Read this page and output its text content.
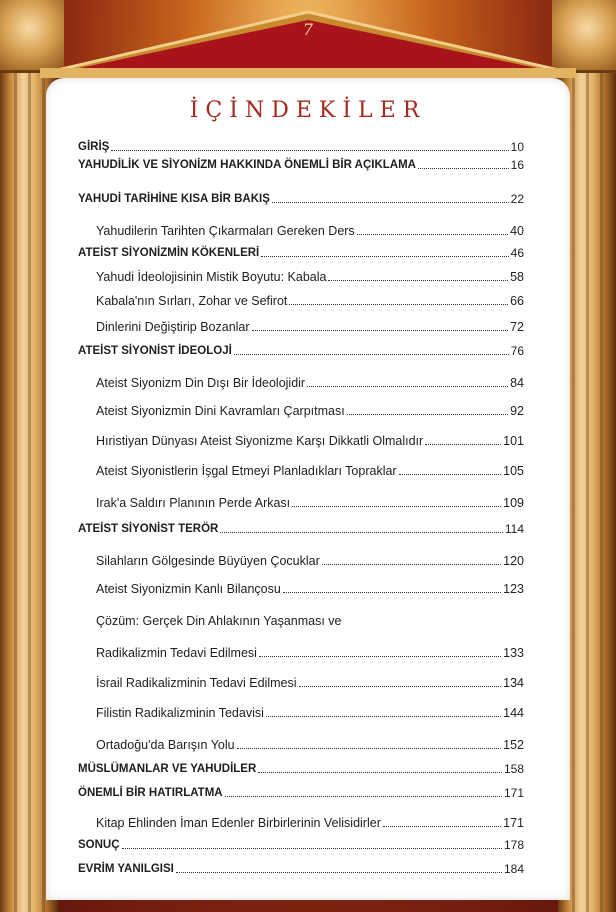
7
İÇİNDEKİLER
GİRİŞ	10
YAHUDİLİK VE SİYONİZM HAKKINDA ÖNEMLİ BİR AÇIKLAMA	16
YAHUDİ TARİHİNE KISA BİR BAKIŞ	22
Yahudilerin Tarihten Çıkarmaları Gereken Ders	40
ATEİST SİYONİZMİN KÖKENLERİ	46
Yahudi İdeolojisinin Mistik Boyutu: Kabala	58
Kabala'nın Sırları, Zohar ve Sefirot	66
Dinlerini Değiştirip Bozanlar	72
ATEİST SİYONİST İDEOLOJİ	76
Ateist Siyonizm Din Dışı Bir İdeolojidir	84
Ateist Siyonizmin Dini Kavramları Çarpıtması	92
Hıristiyan Dünyası Ateist Siyonizme Karşı Dikkatli Olmalıdır	101
Ateist Siyonistlerin İşgal Etmeyi Planladıkları Topraklar	105
Irak'a Saldırı Planının Perde Arkası	109
ATEİST SİYONİST TERÖR	114
Silahların Gölgesinde Büyüyen Çocuklar	120
Ateist Siyonizmin Kanlı Bilançosu	123
Çözüm: Gerçek Din Ahlakının Yaşanması ve
Radikalizmin Tedavi Edilmesi	133
İsrail Radikalizminin Tedavi Edilmesi	134
Filistin Radikalizminin Tedavisi	144
Ortadoğu'da Barışın Yolu	152
MÜSLÜMANLAR VE YAHUDİLER	158
ÖNEMLİ BİR HATIRLATMA	171
Kitap Ehlinden İman Edenler Birbirlerinin Velisidirler	171
SONUÇ	178
EVRİM YANILGISI	184
